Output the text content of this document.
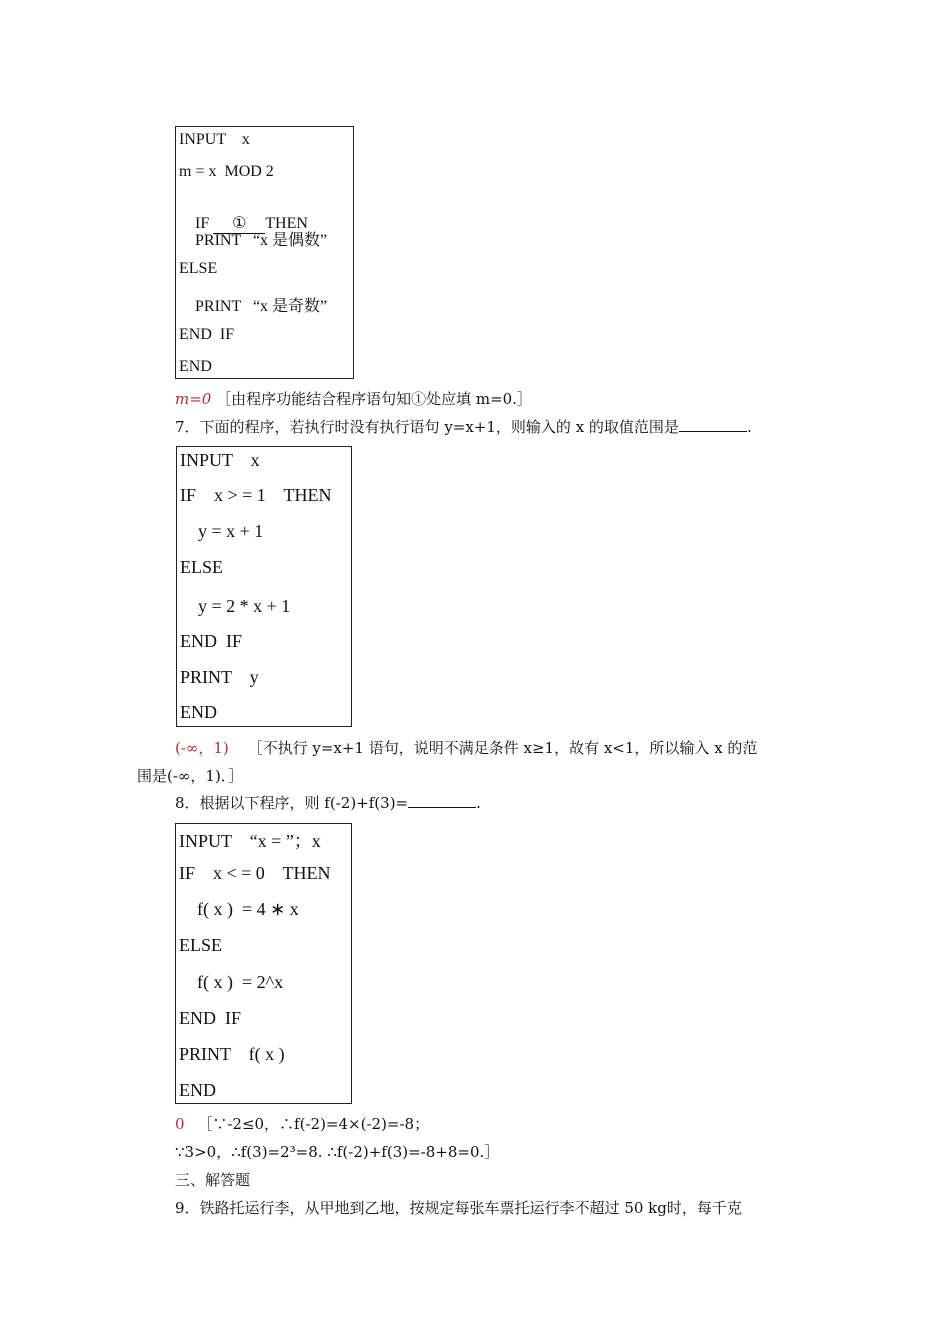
INPUT    x
m = x  MOD 2

IF ① THEN

PRINT   “x 是偶数”
ELSE
PRINT   “x 是奇数”
END  IF
END
m=0 ［由程序功能结合程序语句知①处应填 m=0.］
7．下面的程序，若执行时没有执行语句 y=x+1，则输入的 x 的取值范围是	.
INPUT    x
IF    x > = 1    THEN
y = x + 1
ELSE
y = 2 * x + 1
END  IF
PRINT    y
END
(-∞，1) ［不执行 y=x+1 语句，说明不满足条件 x≥1，故有 x<1，所以输入 x 的范
围是(-∞，1)．］
8．根据以下程序，则 f(-2)+f(3)=	.
INPUT    “x = ”；x
IF    x < = 0    THEN
f( x )  = 4 ∗ x
ELSE
f( x )  = 2^x
END  IF
PRINT    f( x )
END
0 ［∵-2≤0，∴f(-2)=4×(-2)=-8；
∵3>0，∴f(3)=2³=8. ∴f(-2)+f(3)=-8+8=0.］
三、解答题
9．铁路托运行李，从甲地到乙地，按规定每张车票托运行李不超过 50 kg时，每千克
